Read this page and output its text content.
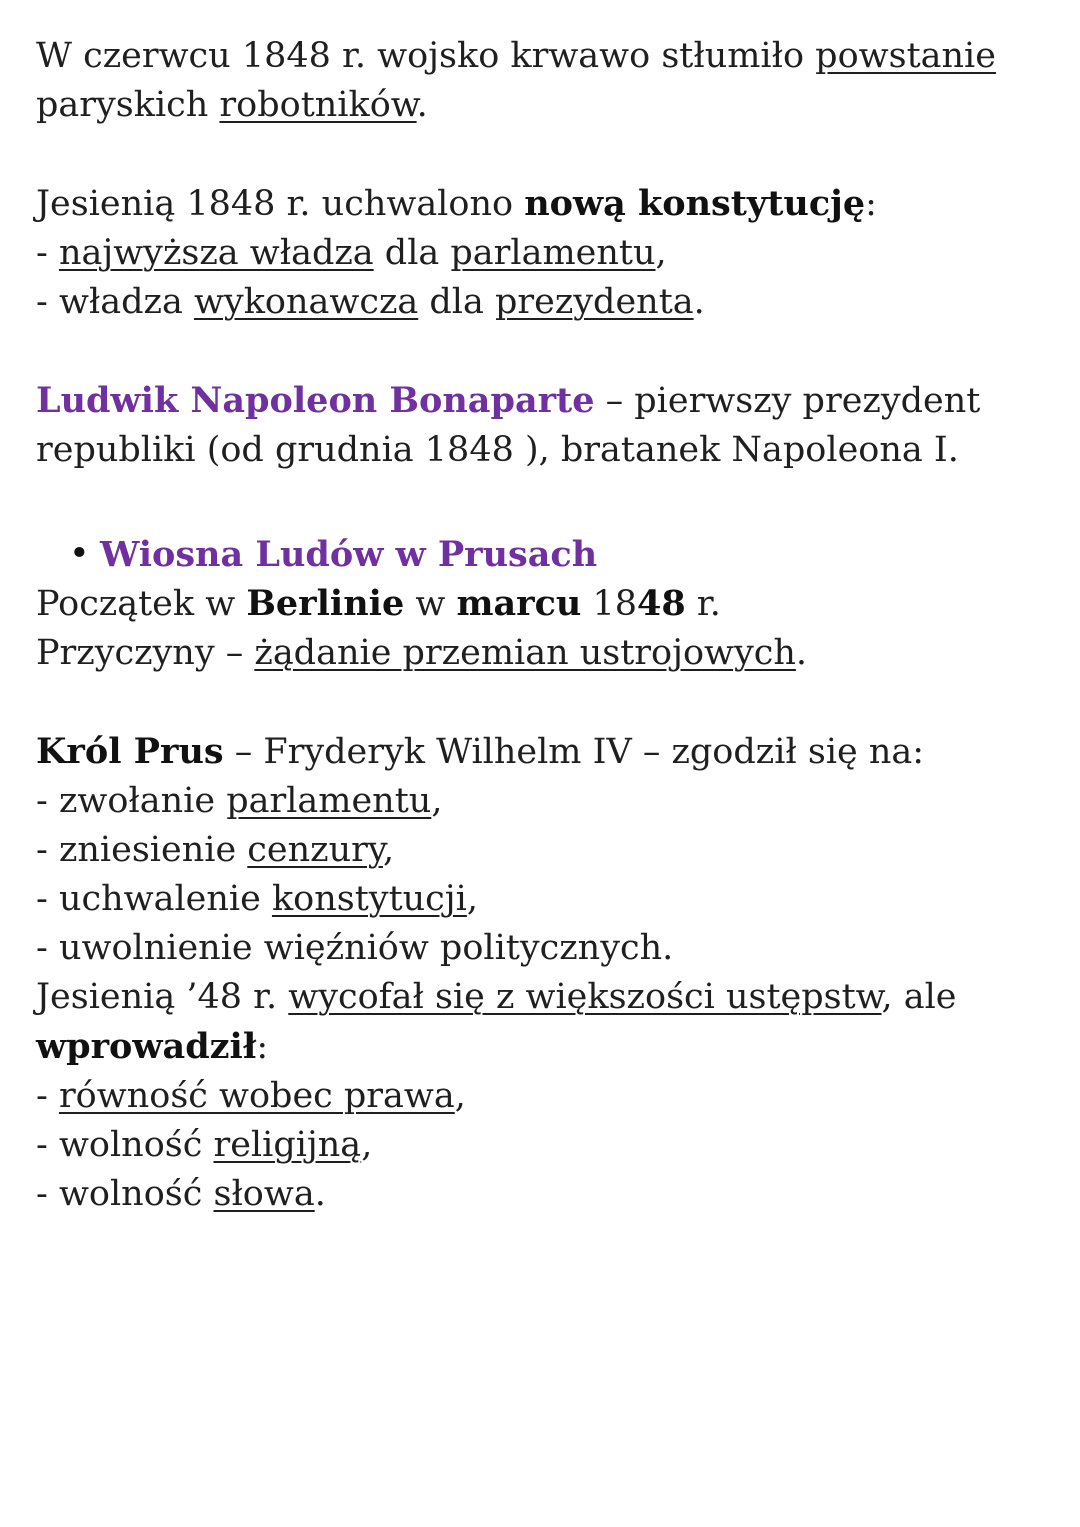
W czerwcu 1848 r. wojsko krwawo stłumiło powstanie
paryskich robotników.
Jesienią 1848 r. uchwalono nową konstytucję:
- najwyższa władza dla parlamentu,
- władza wykonawcza dla prezydenta.
Ludwik Napoleon Bonaparte – pierwszy prezydent
republiki (od grudnia 1848 ), bratanek Napoleona I.
• Wiosna Ludów w Prusach
Początek w Berlinie w marcu 1848 r.
Przyczyny – żądanie przemian ustrojowych.
Król Prus – Fryderyk Wilhelm IV – zgodził się na:
- zwołanie parlamentu,
- zniesienie cenzury,
- uchwalenie konstytucji,
- uwolnienie więźniów politycznych.
Jesienią ’48 r. wycofał się z większości ustępstw, ale
wprowadził:
- równość wobec prawa,
- wolność religijną,
- wolność słowa.
